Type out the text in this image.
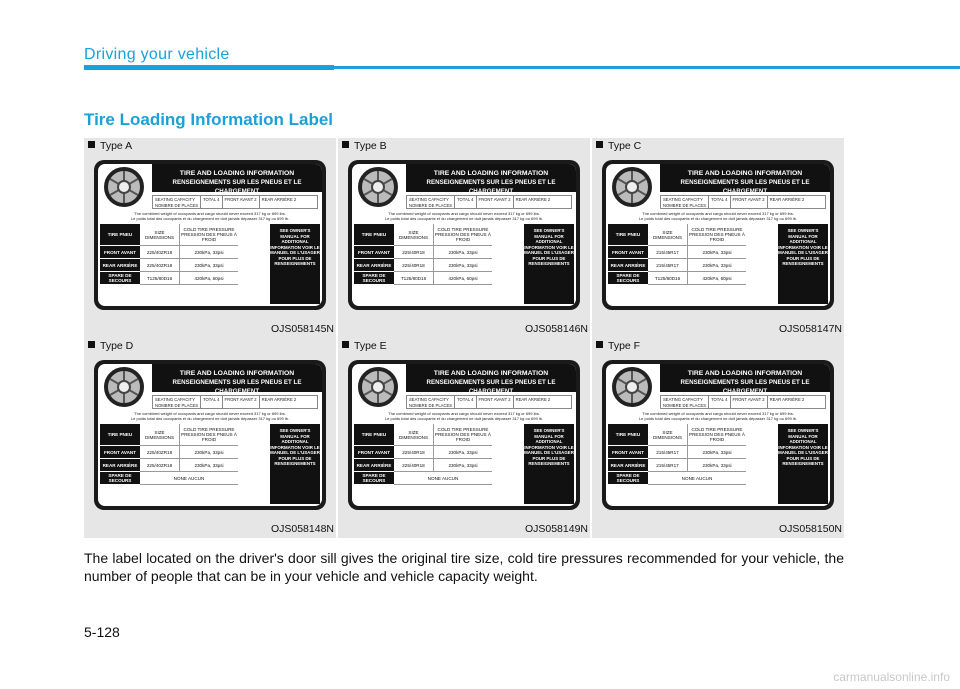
Driving your vehicle
Tire Loading Information Label
Type A
TIRE AND LOADING INFORMATION
RENSEIGNEMENTS SUR LES PNEUS ET LE CHARGEMENT
SEATING CAPACITY
NOMBRE DE PLACES
TOTAL 4	FRONT AVANT 2	REAR ARRIÈRE 2
The combined weight of occupants and cargo should never exceed 317 kg or 699 lbs.
Le poids total des occupants et du chargement ne doit jamais dépasser 317 kg ou 699 lb.
TIRE PNEU	SIZE DIMENSIONS
COLD TIRE PRESSURE PRESSION DES PNEUS À FROID
FRONT AVANT	225/40ZR18	230kPa, 33psi
REAR ARRIÈRE	225/40ZR18	230kPa, 33psi
SPARE DE SECOURS	T125/80D16	420kPa, 60psi
SEE OWNER'S MANUAL FOR ADDITIONAL INFORMATION VOIR LE MANUEL DE L'USAGER POUR PLUS DE RENSEIGNEMENTS
OJS058145N
Type B
TIRE AND LOADING INFORMATION
RENSEIGNEMENTS SUR LES PNEUS ET LE CHARGEMENT
SEATING CAPACITY
NOMBRE DE PLACES
TOTAL 4	FRONT AVANT 2	REAR ARRIÈRE 2
The combined weight of occupants and cargo should never exceed 317 kg or 699 lbs.
Le poids total des occupants et du chargement ne doit jamais dépasser 317 kg ou 699 lb.
TIRE PNEU	SIZE DIMENSIONS
COLD TIRE PRESSURE PRESSION DES PNEUS À FROID
FRONT AVANT	225/40R18	230kPa, 33psi
REAR ARRIÈRE	225/40R18	230kPa, 33psi
SPARE DE SECOURS	T125/80D16	420kPa, 60psi
SEE OWNER'S MANUAL FOR ADDITIONAL INFORMATION VOIR LE MANUEL DE L'USAGER POUR PLUS DE RENSEIGNEMENTS
OJS058146N
Type C
TIRE AND LOADING INFORMATION
RENSEIGNEMENTS SUR LES PNEUS ET LE CHARGEMENT
SEATING CAPACITY
NOMBRE DE PLACES
TOTAL 4	FRONT AVANT 2	REAR ARRIÈRE 2
The combined weight of occupants and cargo should never exceed 317 kg or 699 lbs.
Le poids total des occupants et du chargement ne doit jamais dépasser 317 kg ou 699 lb.
TIRE PNEU	SIZE DIMENSIONS
COLD TIRE PRESSURE PRESSION DES PNEUS À FROID
FRONT AVANT	215/45R17	230kPa, 33psi
REAR ARRIÈRE	215/45R17	230kPa, 33psi
SPARE DE SECOURS	T125/80D16	420kPa, 60psi
SEE OWNER'S MANUAL FOR ADDITIONAL INFORMATION VOIR LE MANUEL DE L'USAGER POUR PLUS DE RENSEIGNEMENTS
OJS058147N
Type D
TIRE AND LOADING INFORMATION
RENSEIGNEMENTS SUR LES PNEUS ET LE CHARGEMENT
SEATING CAPACITY
NOMBRE DE PLACES
TOTAL 4	FRONT AVANT 2	REAR ARRIÈRE 2
The combined weight of occupants and cargo should never exceed 317 kg or 699 lbs.
Le poids total des occupants et du chargement ne doit jamais dépasser 317 kg ou 699 lb.
TIRE PNEU	SIZE DIMENSIONS
COLD TIRE PRESSURE PRESSION DES PNEUS À FROID
FRONT AVANT	225/40ZR18	230kPa, 33psi
REAR ARRIÈRE	225/40ZR18	230kPa, 33psi
SPARE DE SECOURS	NONE AUCUN
SEE OWNER'S MANUAL FOR ADDITIONAL INFORMATION VOIR LE MANUEL DE L'USAGER POUR PLUS DE RENSEIGNEMENTS
OJS058148N
Type E
TIRE AND LOADING INFORMATION
RENSEIGNEMENTS SUR LES PNEUS ET LE CHARGEMENT
SEATING CAPACITY
NOMBRE DE PLACES
TOTAL 4	FRONT AVANT 2	REAR ARRIÈRE 2
The combined weight of occupants and cargo should never exceed 317 kg or 699 lbs.
Le poids total des occupants et du chargement ne doit jamais dépasser 317 kg ou 699 lb.
TIRE PNEU	SIZE DIMENSIONS
COLD TIRE PRESSURE PRESSION DES PNEUS À FROID
FRONT AVANT	225/40R18	230kPa, 33psi
REAR ARRIÈRE	225/40R18	230kPa, 33psi
SPARE DE SECOURS	NONE AUCUN
SEE OWNER'S MANUAL FOR ADDITIONAL INFORMATION VOIR LE MANUEL DE L'USAGER POUR PLUS DE RENSEIGNEMENTS
OJS058149N
Type F
TIRE AND LOADING INFORMATION
RENSEIGNEMENTS SUR LES PNEUS ET LE CHARGEMENT
SEATING CAPACITY
NOMBRE DE PLACES
TOTAL 4	FRONT AVANT 2	REAR ARRIÈRE 2
The combined weight of occupants and cargo should never exceed 317 kg or 699 lbs.
Le poids total des occupants et du chargement ne doit jamais dépasser 317 kg ou 699 lb.
TIRE PNEU	SIZE DIMENSIONS
COLD TIRE PRESSURE PRESSION DES PNEUS À FROID
FRONT AVANT	215/45R17	230kPa, 33psi
REAR ARRIÈRE	215/45R17	230kPa, 33psi
SPARE DE SECOURS	NONE AUCUN
SEE OWNER'S MANUAL FOR ADDITIONAL INFORMATION VOIR LE MANUEL DE L'USAGER POUR PLUS DE RENSEIGNEMENTS
OJS058150N
The label located on the driver's door sill gives the original tire size, cold tire pressures recommended for your vehicle, the number of people that can be in your vehicle and vehicle capacity weight.
5-128
carmanualsonline.info
